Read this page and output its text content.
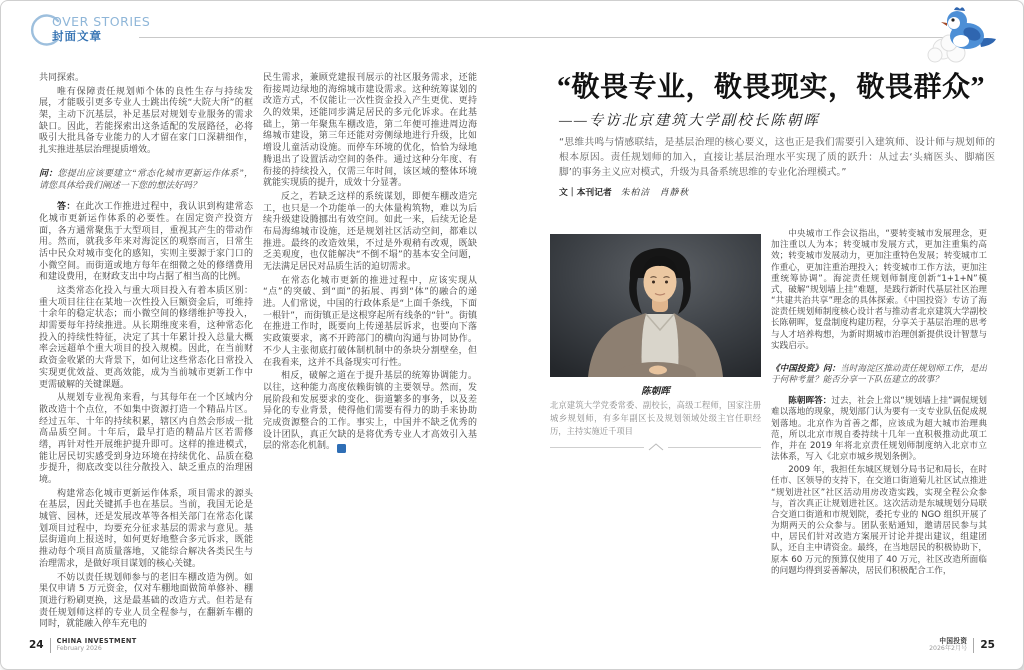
OVER STORIES
封面文章

共同探索。

唯有保障责任规划师个体的良性生存与持续发展，才能吸引更多专业人士跳出传统“大院大所”的框架，主动下沉基层，补足基层对规划专业服务的需求缺口。因此，若能探索出这条适配的发展路径，必将吸引大批具备专业能力的人才留在家门口深耕细作，扎实推进基层治理提质增效。

问：您提出应该要建立“常态化城市更新运作体系”，请您具体给我们阐述一下您的想法好吗？

答：在此次工作推进过程中，我认识到构建常态化城市更新运作体系的必要性。在固定资产投资方面，各方通常聚焦于大型项目，重视其产生的带动作用。然而，就我多年来对海淀区的观察而言，日常生活中民众对城市变化的感知，实则主要源于家门口的小微空间。而街道或地方每年在细微之处的修缮费用和建设费用，在财政支出中均占据了相当高的比例。

这类常态化投入与重大项目投入有着本质区别：重大项目往往在某地一次性投入巨额资金后，可维持十余年的稳定状态；而小微空间的修缮维护等投入，却需要每年持续推进。从长期维度来看，这种常态化投入的持续性特征，决定了其十年累计投入总量大概率会远超单个重大项目的投入规模。因此，在当前财政资金收紧的大背景下，如何让这些常态化日常投入实现更优效益、更高效能，成为当前城市更新工作中更需破解的关键课题。

从规划专业视角来看，与其每年在一个区域内分散改造十个点位，不如集中资源打造一个精品片区。经过五年、十年的持续积累，辖区内自然会形成一批高品质空间。十年后，最早打造的精品片区若需修缮，再针对性开展维护提升即可。这样的推进模式，能让居民切实感受到身边环境在持续优化、品质在稳步提升，彻底改变以往分散投入、缺乏重点的治理困境。

构建常态化城市更新运作体系，项目需求的源头在基层，因此关键抓手也在基层。当前，我国无论是城管、园林，还是发展改革等各相关部门在常态化谋划项目过程中，均要充分征求基层的需求与意见。基层街道向上报送时，如何更好地整合多元诉求，既能推动每个项目高质量落地，又能综合解决各类民生与治理需求，是做好项目谋划的核心关键。

不妨以责任规划师参与的老旧车棚改造为例。如果仅申请 5 万元资金，仅对车棚地面做简单修补、棚顶进行粉刷更换，这是最基础的改造方式。但若是有责任规划师这样的专业人员全程参与，在翻新车棚的同时，就能融入停车充电的

民生需求，兼顾党建报刊展示的社区服务需求，还能衔接周边绿地的海绵城市建设需求。这种统筹谋划的改造方式，不仅能让一次性资金投入产生更优、更持久的效果，还能同步满足居民的多元化诉求。在此基础上，第一年聚焦车棚改造，第二年便可推进周边海绵城市建设，第三年还能对旁侧绿地进行升级，比如增设儿童活动设施。而停车环境的优化，恰恰为绿地腾退出了设置活动空间的条件。通过这种分年度、有衔接的持续投入，仅需三年时间，该区域的整体环境就能实现质的提升，成效十分显著。

反之，若缺乏这样的系统谋划，即便车棚改造完工，也只是一个功能单一的大体量构筑物，难以为后续升级建设腾挪出有效空间。如此一来，后续无论是布局海绵城市设施，还是规划社区活动空间，都难以推进。最终的改造效果，不过是外观稍有改观，既缺乏美观度，也仅能解决“不倒不塌”的基本安全问题，无法满足居民对品质生活的迫切需求。

在常态化城市更新的推进过程中，应该实现从“点”的突破、到“面”的拓展、再到“体”的融合的递进。人们常说，中国的行政体系是“上面千条线，下面一根针”，而街镇正是这根穿起所有线条的“针”。街镇在推进工作时，既要向上传递基层诉求，也要向下落实政策要求，离不开跨部门的横向沟通与协同协作。不少人主张彻底打破体制机制中的条块分割壁垒，但在我看来，这并不具备现实可行性。

相反，破解之道在于提升基层的统筹协调能力。以往，这种能力高度依赖街镇的主要领导。然而，发展阶段和发展要求的变化、街道繁多的事务，以及差异化的专业背景，使得他们需要有得力的助手来协助完成资源整合的工作。事实上，中国并不缺乏优秀的设计团队，真正欠缺的是将优秀专业人才高效引入基层的常态化机制。	IC

24 CHINA INVESTMENT
February 2026
“敬畏专业，敬畏现实，敬畏群众”
——专访北京建筑大学副校长陈朝晖
“思维共鸣与情感联结，是基层治理的核心要义，这也正是我们需要引入建筑师、设计师与规划师的根本原因。责任规划师的加入，直接让基层治理水平实现了质的跃升：从过去‘头痛医头、脚痛医脚’的事务主义应对模式，升级为具备系统思维的专业化治理模式。”
文｜本刊记者 朱柏洁　肖静秋
陈朝晖
北京建筑大学党委常委、副校长，高级工程师，国家注册城乡规划师，有多年副区长及规划领域处级主官任职经历，主持实施近千项目

中央城市工作会议指出，“要转变城市发展理念，更加注重以人为本；转变城市发展方式，更加注重集约高效；转变城市发展动力，更加注重特色发展；转变城市工作重心，更加注重治理投入；转变城市工作方法，更加注重统筹协调”。海淀责任规划师制度创新“1+1+N”模式，破解“规划墙上挂”难题，是践行新时代基层社区治理“共建共治共享”理念的具体探索。《中国投资》专访了海淀责任规划师制度核心设计者与推动者北京建筑大学副校长陈朝晖，复盘制度构建历程，分享关于基层治理的思考与人才培养构想，为新时期城市治理创新提供设计智慧与实践启示。

《中国投资》问：当时海淀区推动责任规划师工作，是出于何种考量？能否分享一下队伍建立的故事？

陈朝晖答：过去，社会上常以“规划墙上挂”调侃规划难以落地的现象，规划部门认为要有一支专业队伍促成规划落地。北京作为首善之都，应该成为超大城市治理典范，所以北京市规自委持续十几年一直积极推动此项工作，并在 2019 年将北京责任规划师制度纳入北京市立法体系，写入《北京市城乡规划条例》。

2009 年，我担任东城区规划分局书记和局长，在时任市、区领导的支持下，在交道口街道菊儿社区试点推进“规划进社区”社区活动用房改造实践，实现全程公众参与，首次真正让规划进社区。这次活动是东城规划分局联合交道口街道和市规划院，委托专业的 NGO 组织开展了为期两天的公众参与。团队张贴通知，邀请居民参与其中，居民们针对改造方案展开讨论并提出建议，组建团队，还自主申请资金。最终，在当地居民的积极协助下，原本 60 万元的预算仅使用了 40 万元，社区改造所面临的问题均得到妥善解决，居民们积极配合工作，

中国投资
2026年2月号 25
